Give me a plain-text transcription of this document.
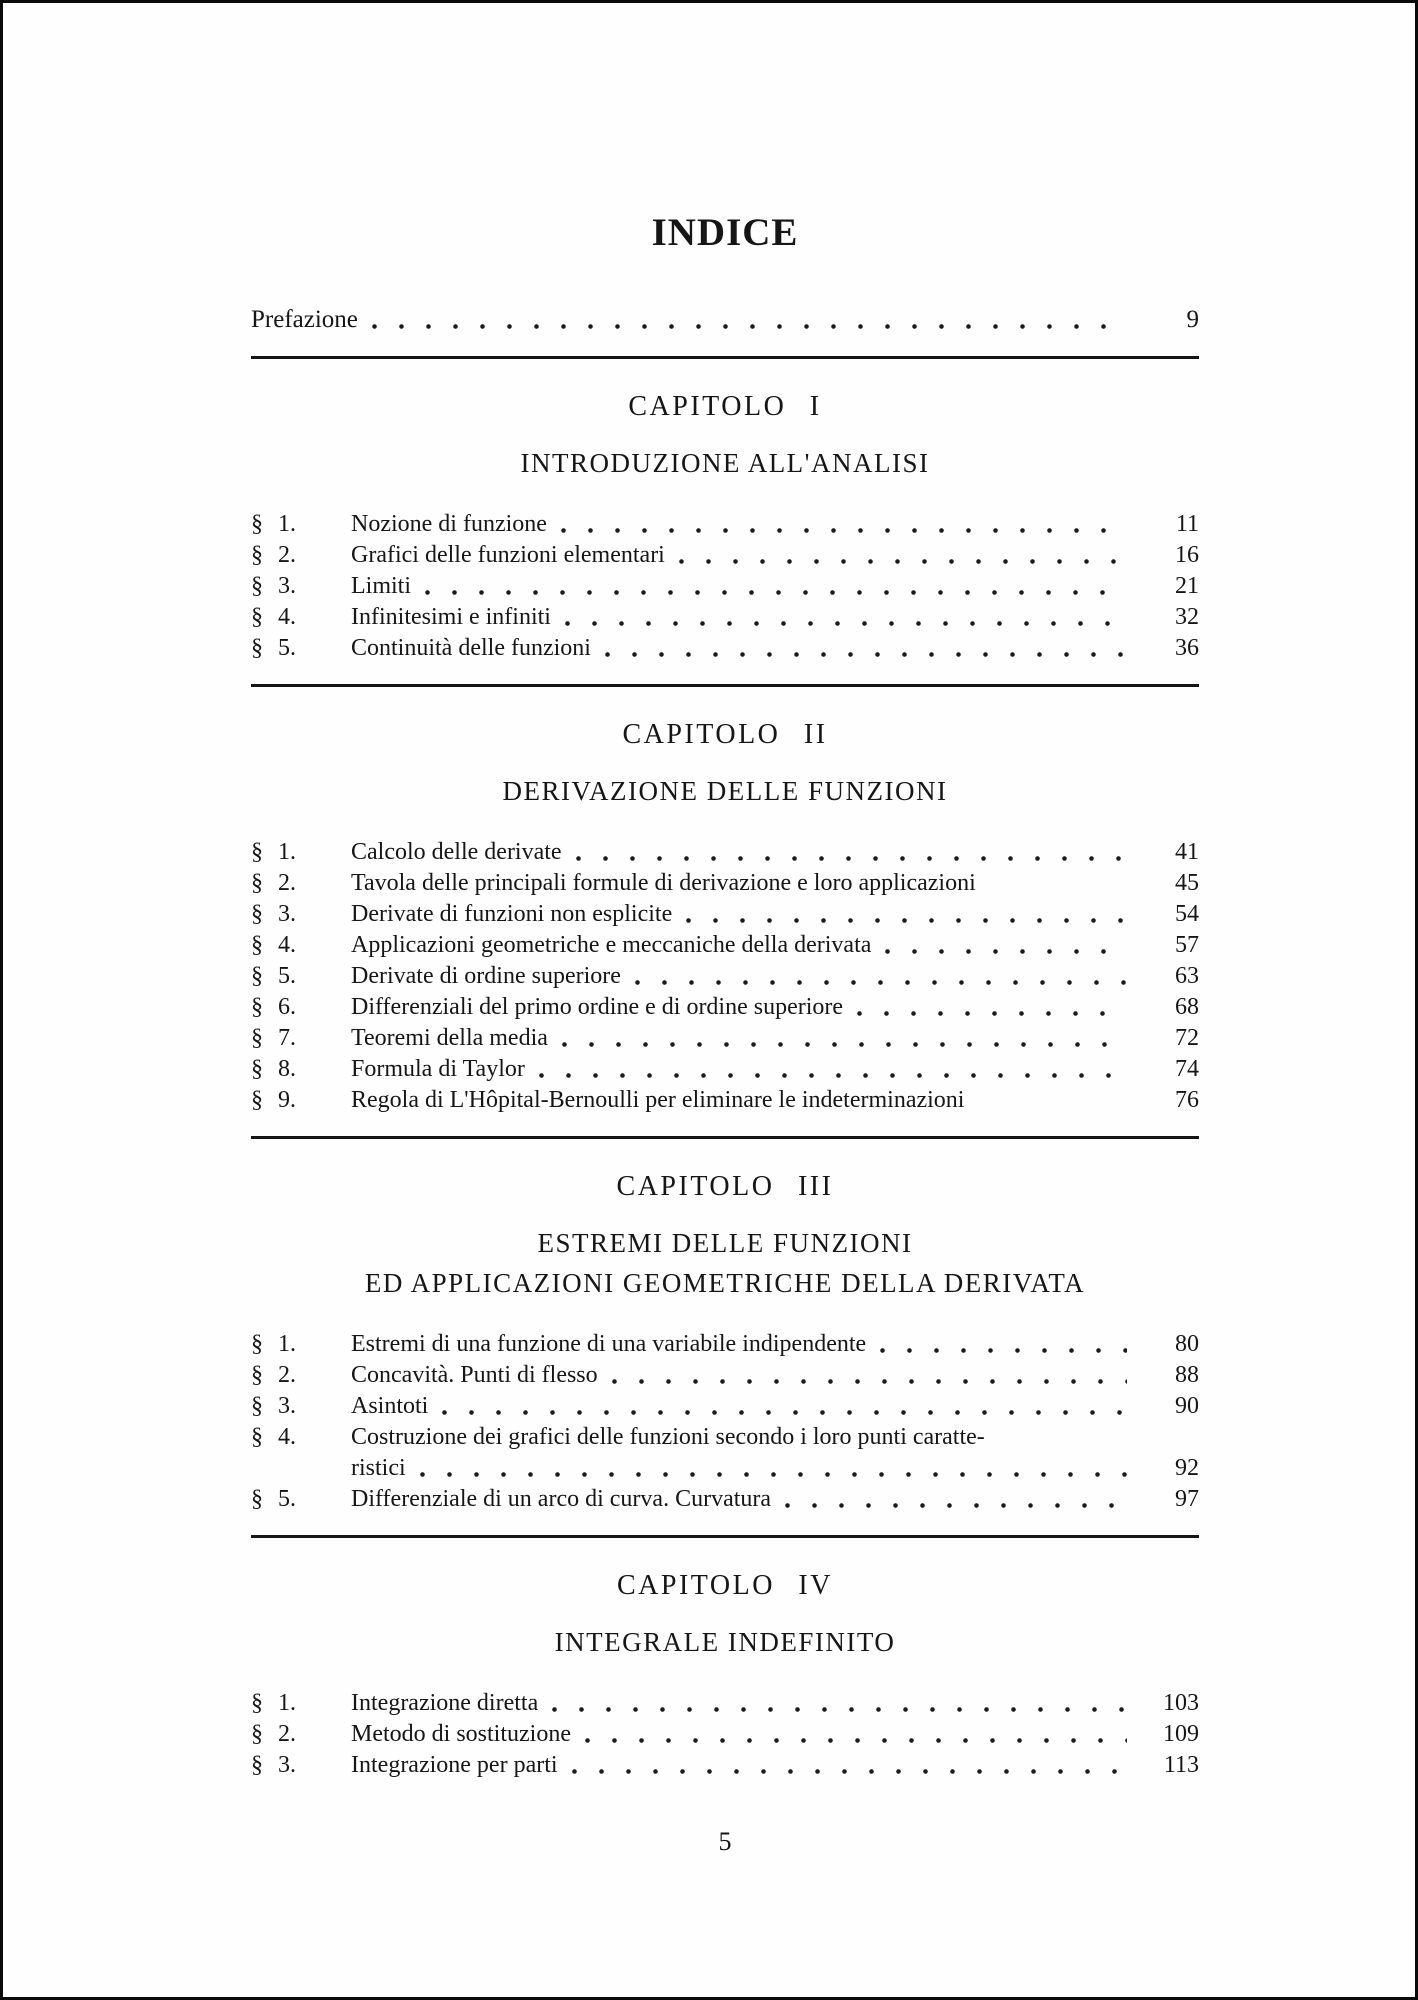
INDICE
Prefazione	9
CAPITOLO I
INTRODUZIONE ALL'ANALISI
§ 1.	Nozione di funzione	11
§ 2.	Grafici delle funzioni elementari	16
§ 3.	Limiti	21
§ 4.	Infinitesimi e infiniti	32
§ 5.	Continuità delle funzioni	36
CAPITOLO II
DERIVAZIONE DELLE FUNZIONI
§ 1.	Calcolo delle derivate	41
§ 2.	Tavola delle principali formule di derivazione e loro applicazioni	45
§ 3.	Derivate di funzioni non esplicite	54
§ 4.	Applicazioni geometriche e meccaniche della derivata	57
§ 5.	Derivate di ordine superiore	63
§ 6.	Differenziali del primo ordine e di ordine superiore	68
§ 7.	Teoremi della media	72
§ 8.	Formula di Taylor	74
§ 9.	Regola di L'Hôpital-Bernoulli per eliminare le indeterminazioni	76
CAPITOLO III
ESTREMI DELLE FUNZIONI
ED APPLICAZIONI GEOMETRICHE DELLA DERIVATA
§ 1.	Estremi di una funzione di una variabile indipendente	80
§ 2.	Concavità. Punti di flesso	88
§ 3.	Asintoti	90
§ 4.	Costruzione dei grafici delle funzioni secondo i loro punti caratte-
ristici	92
§ 5.	Differenziale di un arco di curva. Curvatura	97
CAPITOLO IV
INTEGRALE INDEFINITO
§ 1.	Integrazione diretta	103
§ 2.	Metodo di sostituzione	109
§ 3.	Integrazione per parti	113
5
